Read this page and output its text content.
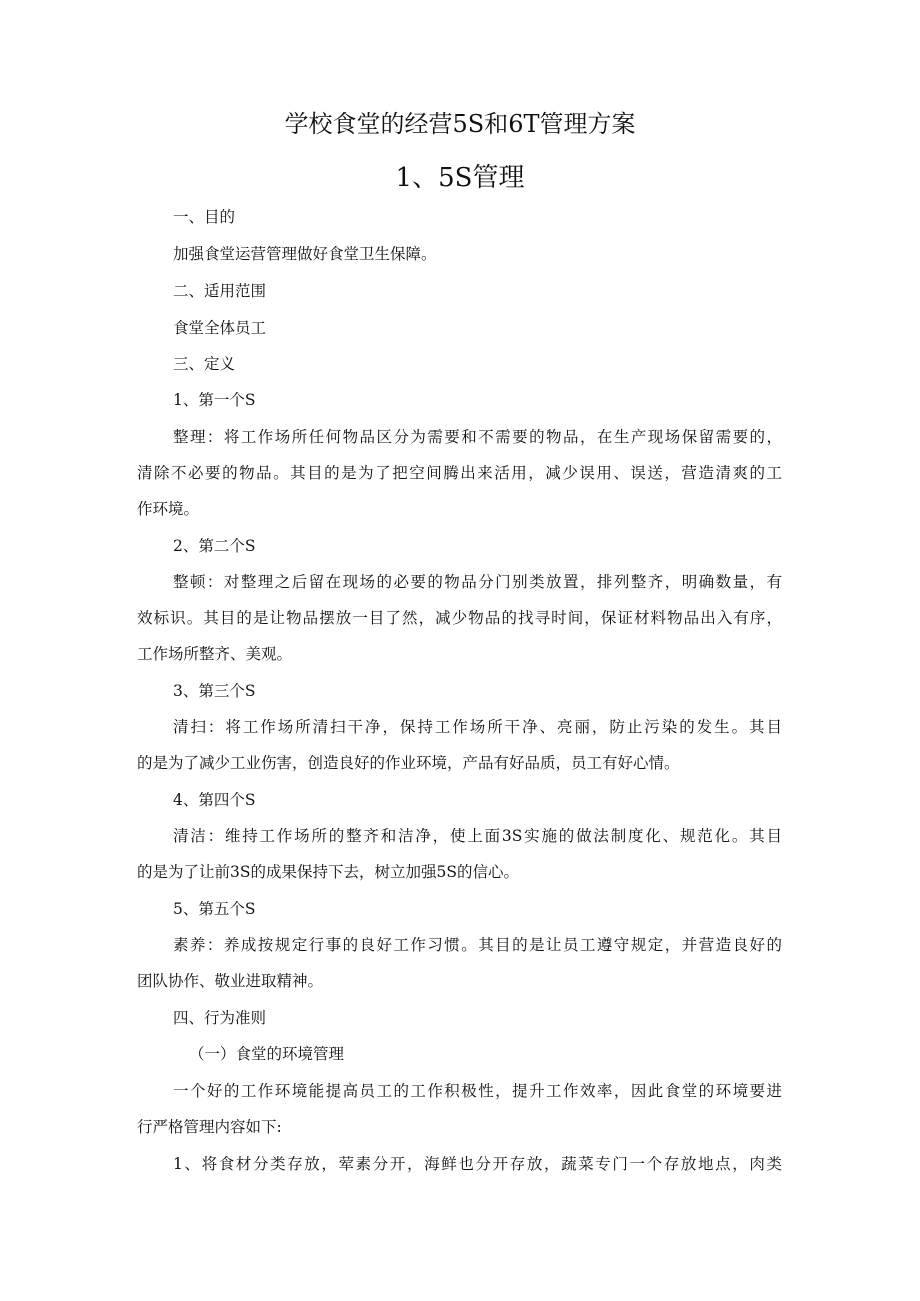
学校食堂的经营5S和6T管理方案
1、5S管理
一、目的
加强食堂运营管理做好食堂卫生保障。
二、适用范围
食堂全体员工
三、定义
1、第一个S
整理：将工作场所任何物品区分为需要和不需要的物品，在生产现场保留需要的，
清除不必要的物品。其目的是为了把空间腾出来活用，减少误用、误送，营造清爽的工
作环境。
2、第二个S
整顿：对整理之后留在现场的必要的物品分门别类放置，排列整齐，明确数量，有
效标识。其目的是让物品摆放一目了然，减少物品的找寻时间，保证材料物品出入有序，
工作场所整齐、美观。
3、第三个S
清扫：将工作场所清扫干净，保持工作场所干净、亮丽，防止污染的发生。其目
的是为了减少工业伤害，创造良好的作业环境，产品有好品质，员工有好心情。
4、第四个S
清洁：维持工作场所的整齐和洁净，使上面3S实施的做法制度化、规范化。其目
的是为了让前3S的成果保持下去，树立加强5S的信心。
5、第五个S
素养：养成按规定行事的良好工作习惯。其目的是让员工遵守规定，并营造良好的
团队协作、敬业进取精神。
四、行为准则
（一）食堂的环境管理
一个好的工作环境能提高员工的工作积极性，提升工作效率，因此食堂的环境要进
行严格管理内容如下:
1、将食材分类存放，荤素分开，海鲜也分开存放，蔬菜专门一个存放地点，肉类
